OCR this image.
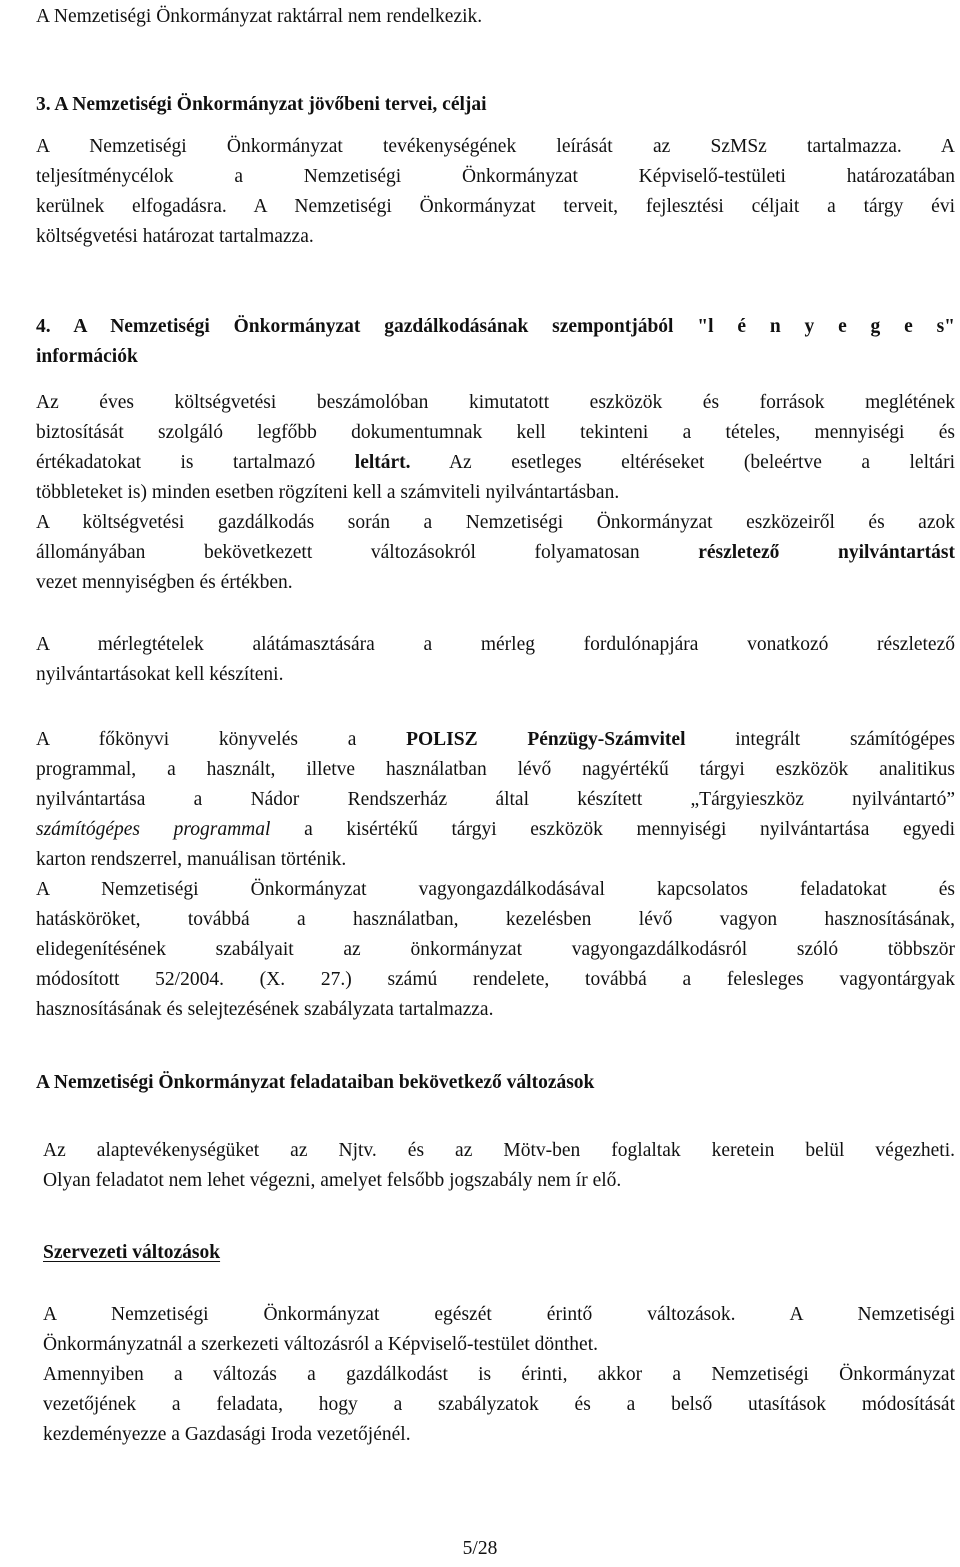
A Nemzetiségi Önkormányzat raktárral nem rendelkezik.

3. A Nemzetiségi Önkormányzat jövőbeni tervei, céljai

A Nemzetiségi Önkormányzat tevékenységének leírását az SzMSz tartalmazza. A
teljesítménycélok a Nemzetiségi Önkormányzat Képviselő-testületi határozatában
kerülnek elfogadásra. A Nemzetiségi Önkormányzat terveit, fejlesztési céljait a tárgy évi
költségvetési határozat tartalmazza.

4. A Nemzetiségi Önkormányzat gazdálkodásának szempontjából "l é n y e g e s"
információk

Az éves költségvetési beszámolóban kimutatott eszközök és források meglétének
biztosítását szolgáló legfőbb dokumentumnak kell tekinteni a tételes, mennyiségi és
értékadatokat is tartalmazó leltárt. Az esetleges eltéréseket (beleértve a leltári
többleteket is) minden esetben rögzíteni kell a számviteli nyilvántartásban.

A költségvetési gazdálkodás során a Nemzetiségi Önkormányzat eszközeiről és azok
állományában bekövetkezett változásokról folyamatosan részletező nyilvántartást
vezet mennyiségben és értékben.

A mérlegtételek alátámasztására a mérleg fordulónapjára vonatkozó részletező
nyilvántartásokat kell készíteni.

A főkönyvi könyvelés a POLISZ Pénzügy-Számvitel integrált számítógépes
programmal, a használt, illetve használatban lévő nagyértékű tárgyi eszközök analitikus
nyilvántartása a Nádor Rendszerház által készített „Tárgyieszköz nyilvántartó”
számítógépes programmal a kisértékű tárgyi eszközök mennyiségi nyilvántartása egyedi
karton rendszerrel, manuálisan történik.

A Nemzetiségi Önkormányzat vagyongazdálkodásával kapcsolatos feladatokat és
hatásköröket, továbbá a használatban, kezelésben lévő vagyon hasznosításának,
elidegenítésének szabályait az önkormányzat vagyongazdálkodásról szóló többször
módosított 52/2004. (X. 27.) számú rendelete, továbbá a felesleges vagyontárgyak
hasznosításának és selejtezésének szabályzata tartalmazza.

A Nemzetiségi Önkormányzat feladataiban bekövetkező változások

Az alaptevékenységüket az Njtv. és az Mötv-ben foglaltak keretein belül végezheti.
Olyan feladatot nem lehet végezni, amelyet felsőbb jogszabály nem ír elő.

Szervezeti változások

A Nemzetiségi Önkormányzat egészét érintő változások. A Nemzetiségi
Önkormányzatnál a szerkezeti változásról a Képviselő-testület dönthet.
Amennyiben a változás a gazdálkodást is érinti, akkor a Nemzetiségi Önkormányzat
vezetőjének a feladata, hogy a szabályzatok és a belső utasítások módosítását
kezdeményezze a Gazdasági Iroda vezetőjénél.

5/28
